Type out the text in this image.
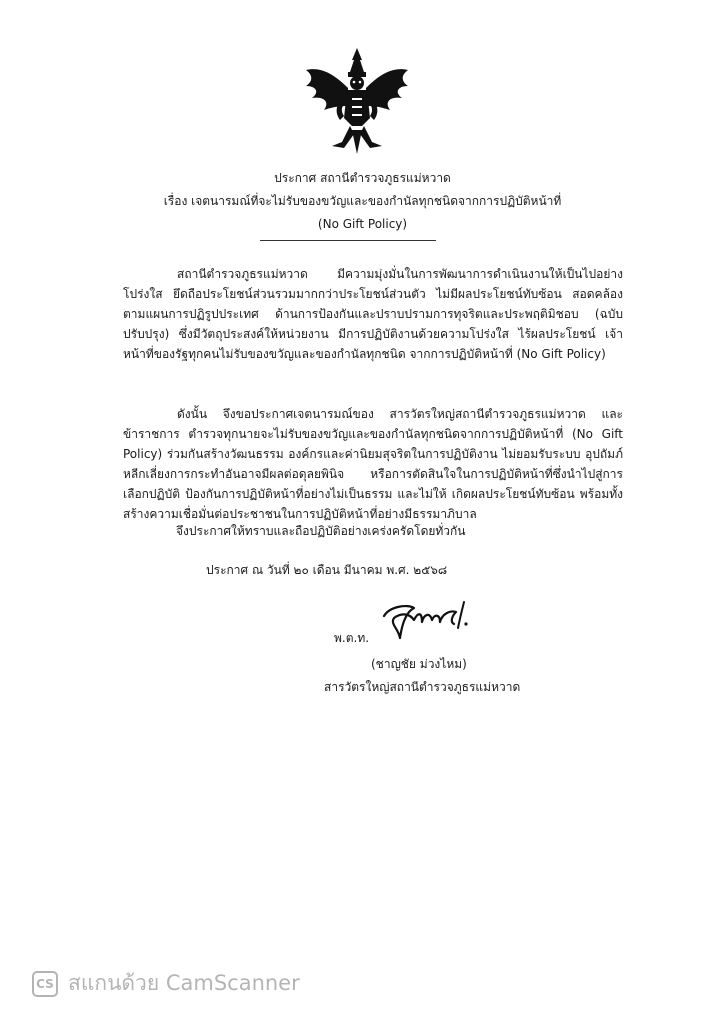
ประกาศ สถานีตำรวจภูธรแม่หวาด
เรื่อง เจตนารมณ์ที่จะไม่รับของขวัญและของกำนัลทุกชนิดจากการปฏิบัติหน้าที่
(No Gift Policy)
สถานีตำรวจภูธรแม่หวาด มีความมุ่งมั่นในการพัฒนาการดำเนินงานให้เป็นไปอย่างโปร่งใส ยึดถือประโยชน์ส่วนรวมมากกว่าประโยชน์ส่วนตัว ไม่มีผลประโยชน์ทับซ้อน สอดคล้องตามแผนการปฏิรูปประเทศ ด้านการป้องกันและปราบปรามการทุจริตและประพฤติมิชอบ (ฉบับปรับปรุง) ซึ่งมีวัตถุประสงค์ให้หน่วยงาน มีการปฏิบัติงานด้วยความโปร่งใส ไร้ผลประโยชน์ เจ้าหน้าที่ของรัฐทุกคนไม่รับของขวัญและของกำนัลทุกชนิด จากการปฏิบัติหน้าที่ (No Gift Policy)
ดังนั้น จึงขอประกาศเจตนารมณ์ของ สารวัตรใหญ่สถานีตำรวจภูธรแม่หวาด และข้าราชการ ตำรวจทุกนายจะไม่รับของขวัญและของกำนัลทุกชนิดจากการปฏิบัติหน้าที่ (No Gift Policy) ร่วมกันสร้างวัฒนธรรม องค์กรและค่านิยมสุจริตในการปฏิบัติงาน ไม่ยอมรับระบบ อุปถัมภ์ หลีกเลี่ยงการกระทำอันอาจมีผลต่อดุลยพินิจ หรือการตัดสินใจในการปฏิบัติหน้าที่ซึ่งนำไปสู่การเลือกปฏิบัติ ป้องกันการปฏิบัติหน้าที่อย่างไม่เป็นธรรม และไม่ให้ เกิดผลประโยชน์ทับซ้อน พร้อมทั้งสร้างความเชื่อมั่นต่อประชาชนในการปฏิบัติหน้าที่อย่างมีธรรมาภิบาล
จึงประกาศให้ทราบและถือปฏิบัติอย่างเคร่งครัดโดยทั่วกัน
ประกาศ ณ วันที่ ๒๐ เดือน มีนาคม พ.ศ. ๒๕๖๘
พ.ต.ท.
(ชาญชัย ม่วงไหม)
สารวัตรใหญ่สถานีตำรวจภูธรแม่หวาด
CS สแกนด้วย CamScanner
